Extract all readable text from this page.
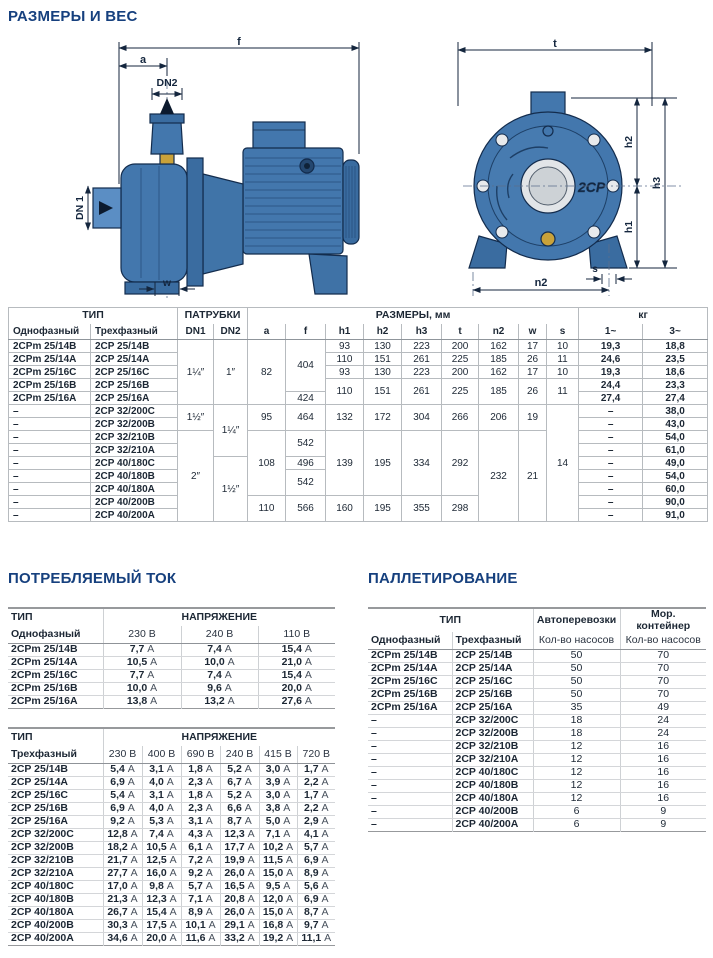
РАЗМЕРЫ И ВЕС
f
a
DN2
DN 1
w
2CP
t
h2
h1
h3
s
n2
ТИП		ПАТРУБКИ		РАЗМЕРЫ, мм									кг	
Однофазный	Трехфазный	DN1	DN2	a	f	h1	h2	h3	t	n2	w	s	1~	3~
2CPm 25/14B	2CP 25/14B	1¼″	1″	82	404	93	130	223	200	162	17	10	19,3	18,8
2CPm 25/14A	2CP 25/14A					110	151	261	225	185	26	11	24,6	23,5
2CPm 25/16C	2CP 25/16C					93	130	223	200	162	17	10	19,3	18,6
2CPm 25/16B	2CP 25/16B					110	151	261	225	185	26	11	24,4	23,3
2CPm 25/16A	2CP 25/16A				424								27,4	27,4
–	2CP 32/200C	1½″	1¼″	95	464	132	172	304	266	206	19	14	–	38,0
–	2CP 32/200B												–	43,0
–	2CP 32/210B	2″		108	542	139	195	334	292	232	21		–	54,0
–	2CP 32/210A												–	61,0
–	2CP 40/180C		1½″		496								–	49,0
–	2CP 40/180B				542								–	54,0
–	2CP 40/180A												–	60,0
–	2CP 40/200B			110	566	160	195	355	298				–	90,0
–	2CP 40/200A												–	91,0
ПОТРЕБЛЯЕМЫЙ ТОК
ТИП	НАПРЯЖЕНИЕ		
Однофазный	230 В	240 В	110 В
2CPm 25/14B	7,7 A	7,4 A	15,4 A
2CPm 25/14A	10,5 A	10,0 A	21,0 A
2CPm 25/16C	7,7 A	7,4 A	15,4 A
2CPm 25/16B	10,0 A	9,6 A	20,0 A
2CPm 25/16A	13,8 A	13,2 A	27,6 A
ТИП	НАПРЯЖЕНИЕ					
Трехфазный	230 В	400 В	690 В	240 В	415 В	720 В
2CP 25/14B	5,4 A	3,1 A	1,8 A	5,2 A	3,0 A	1,7 A
2CP 25/14A	6,9 A	4,0 A	2,3 A	6,7 A	3,9 A	2,2 A
2CP 25/16C	5,4 A	3,1 A	1,8 A	5,2 A	3,0 A	1,7 A
2CP 25/16B	6,9 A	4,0 A	2,3 A	6,6 A	3,8 A	2,2 A
2CP 25/16A	9,2 A	5,3 A	3,1 A	8,7 A	5,0 A	2,9 A
2CP 32/200C	12,8 A	7,4 A	4,3 A	12,3 A	7,1 A	4,1 A
2CP 32/200B	18,2 A	10,5 A	6,1 A	17,7 A	10,2 A	5,7 A
2CP 32/210B	21,7 A	12,5 A	7,2 A	19,9 A	11,5 A	6,9 A
2CP 32/210A	27,7 A	16,0 A	9,2 A	26,0 A	15,0 A	8,9 A
2CP 40/180C	17,0 A	9,8 A	5,7 A	16,5 A	9,5 A	5,6 A
2CP 40/180B	21,3 A	12,3 A	7,1 A	20,8 A	12,0 A	6,9 A
2CP 40/180A	26,7 A	15,4 A	8,9 A	26,0 A	15,0 A	8,7 A
2CP 40/200B	30,3 A	17,5 A	10,1 A	29,1 A	16,8 A	9,7 A
2CP 40/200A	34,6 A	20,0 A	11,6 A	33,2 A	19,2 A	11,1 A
ПАЛЛЕТИРОВАНИЕ
ТИП		Автоперевозки	Мор. контейнер
Однофазный	Трехфазный	Кол-во насосов	Кол-во насосов
2CPm 25/14B	2CP 25/14B	50	70
2CPm 25/14A	2CP 25/14A	50	70
2CPm 25/16C	2CP 25/16C	50	70
2CPm 25/16B	2CP 25/16B	50	70
2CPm 25/16A	2CP 25/16A	35	49
–	2CP 32/200C	18	24
–	2CP 32/200B	18	24
–	2CP 32/210B	12	16
–	2CP 32/210A	12	16
–	2CP 40/180C	12	16
–	2CP 40/180B	12	16
–	2CP 40/180A	12	16
–	2CP 40/200B	6	9
–	2CP 40/200A	6	9
